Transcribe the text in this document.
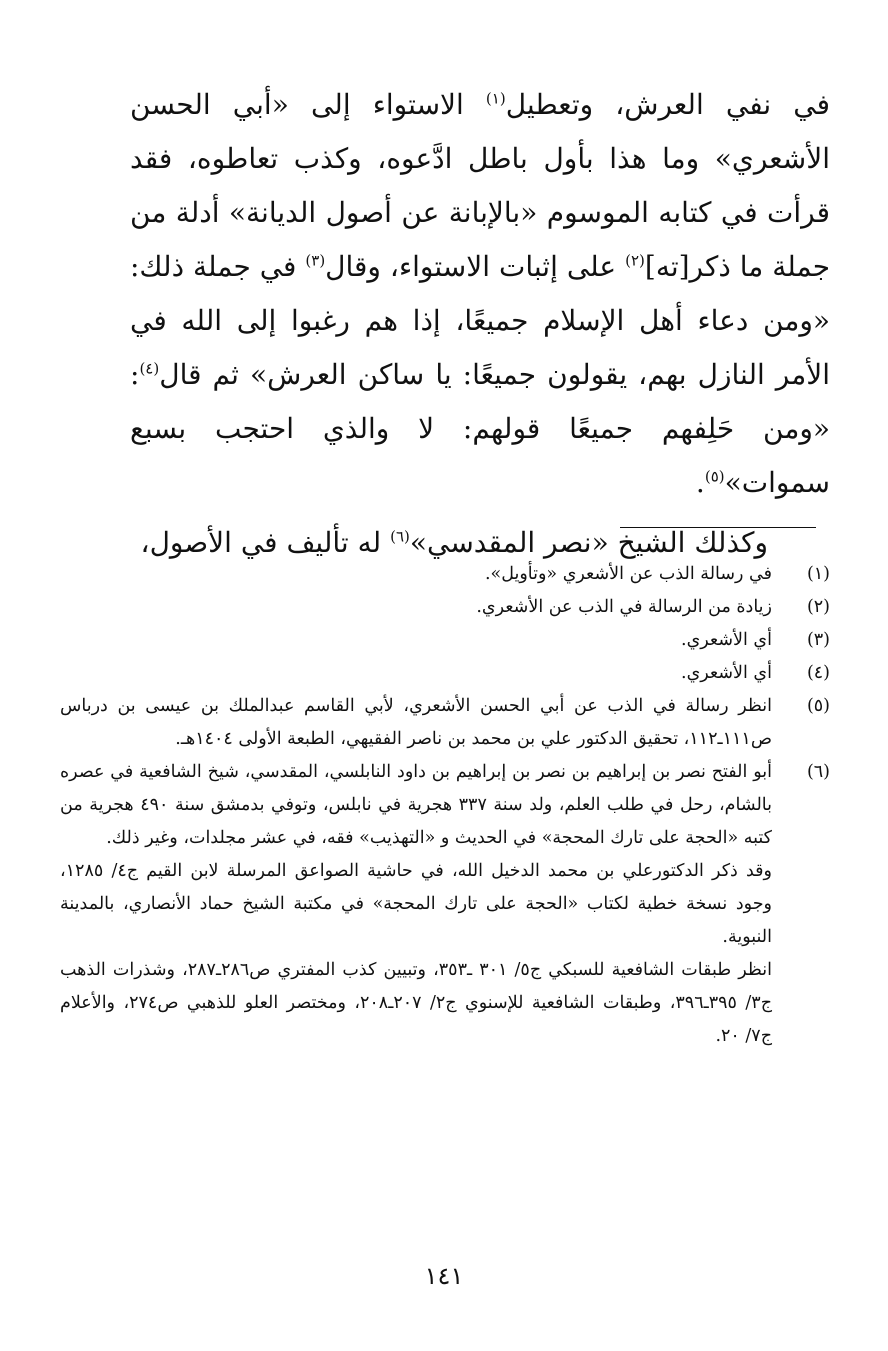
في نفي العرش، وتعطيل$^{(١)}$ الاستواء إلى «أبي الحسن الأشعري» وما هذا بأول باطل ادَّعوه، وكذب تعاطوه، فقد قرأت في كتابه الموسوم «بالإبانة عن أصول الديانة» أدلة من جملة ما ذكر[ته]$^{(٢)}$ على إثبات الاستواء، وقال$^{(٣)}$ في جملة ذلك: «ومن دعاء أهل الإسلام جميعًا، إذا هم رغبوا إلى الله في الأمر النازل بهم، يقولون جميعًا: يا ساكن العرش» ثم قال$^{(٤)}$: «ومن حَلِفهم جميعًا قولهم: لا والذي احتجب بسبع سموات»$^{(٥)}$.

وكذلك الشيخ «نصر المقدسي»$^{(٦)}$ له تأليف في الأصول،

(١)
في رسالة الذب عن الأشعري «وتأويل».
(٢)
زيادة من الرسالة في الذب عن الأشعري.
(٣)
أي الأشعري.
(٤)
أي الأشعري.
(٥)
انظر رسالة في الذب عن أبي الحسن الأشعري، لأبي القاسم عبدالملك بن عيسى بن درباس ص١١١ـ١١٢، تحقيق الدكتور علي بن محمد بن ناصر الفقيهي، الطبعة الأولى ١٤٠٤هـ.
(٦)
أبو الفتح نصر بن إبراهيم بن نصر بن إبراهيم بن داود النابلسي، المقدسي، شيخ الشافعية في عصره بالشام، رحل في طلب العلم، ولد سنة ٣٣٧ هجرية في نابلس، وتوفي بدمشق سنة ٤٩٠ هجرية من كتبه «الحجة على تارك المحجة» في الحديث و «التهذيب» فقه، في عشر مجلدات، وغير ذلك.
وقد ذكر الدكتورعلي بن محمد الدخيل الله، في حاشية الصواعق المرسلة لابن القيم ج٤/ ١٢٨٥، وجود نسخة خطية لكتاب «الحجة على تارك المحجة» في مكتبة الشيخ حماد الأنصاري، بالمدينة النبوية.
انظر طبقات الشافعية للسبكي ج٥/ ٣٠١ ـ٣٥٣، وتبيين كذب المفتري ص٢٨٦ـ٢٨٧، وشذرات الذهب ج٣/ ٣٩٥ـ٣٩٦، وطبقات الشافعية للإسنوي ج٢/ ٢٠٧ـ٢٠٨، ومختصر العلو للذهبي ص٢٧٤، والأعلام ج٧/ ٢٠.
١٤١
